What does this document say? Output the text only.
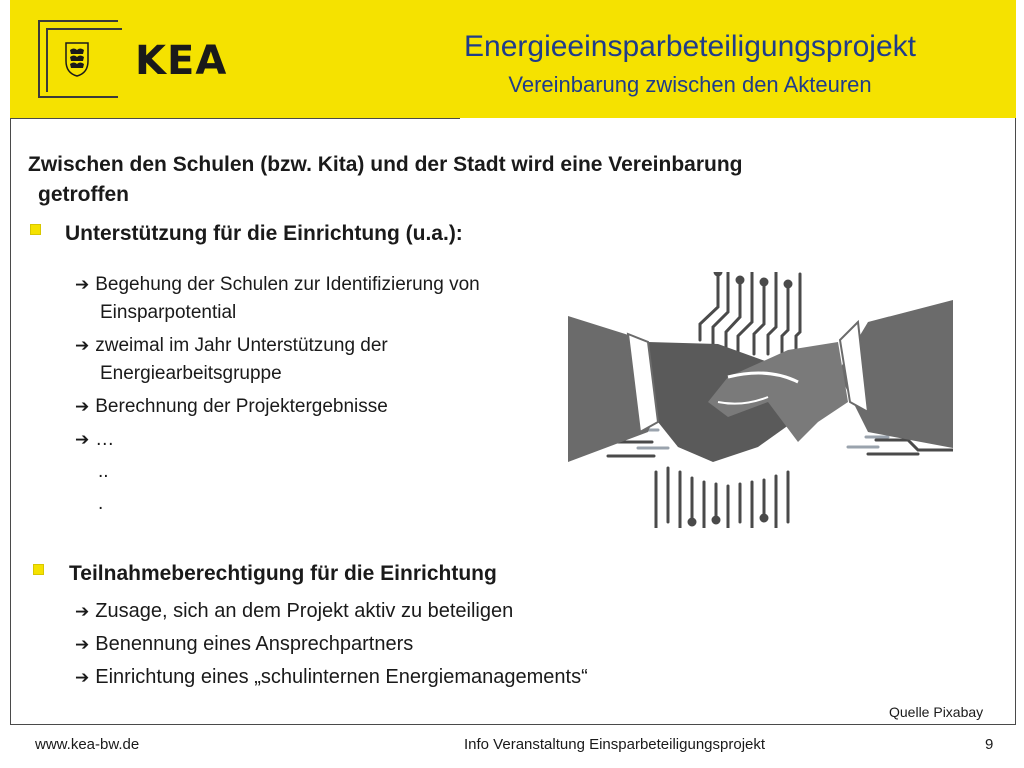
KEA	Energieeinsparbeteiligungsprojekt
Vereinbarung zwischen den Akteuren
Zwischen den Schulen (bzw. Kita) und der Stadt wird eine Vereinbarung
getroffen
Unterstützung für die Einrichtung (u.a.):
➔ Begehung der Schulen zur Identifizierung von
Einsparpotential
➔ zweimal im Jahr Unterstützung der
Energiearbeitsgruppe
➔ Berechnung der Projektergebnisse
➔ …
..
.
Teilnahmeberechtigung für die Einrichtung
➔ Zusage, sich an dem Projekt aktiv zu beteiligen
➔ Benennung eines Ansprechpartners
➔ Einrichtung eines „schulinternen Energiemanagements“
Quelle Pixabay
www.kea-bw.de	Info Veranstaltung Einsparbeteiligungsprojekt	9
